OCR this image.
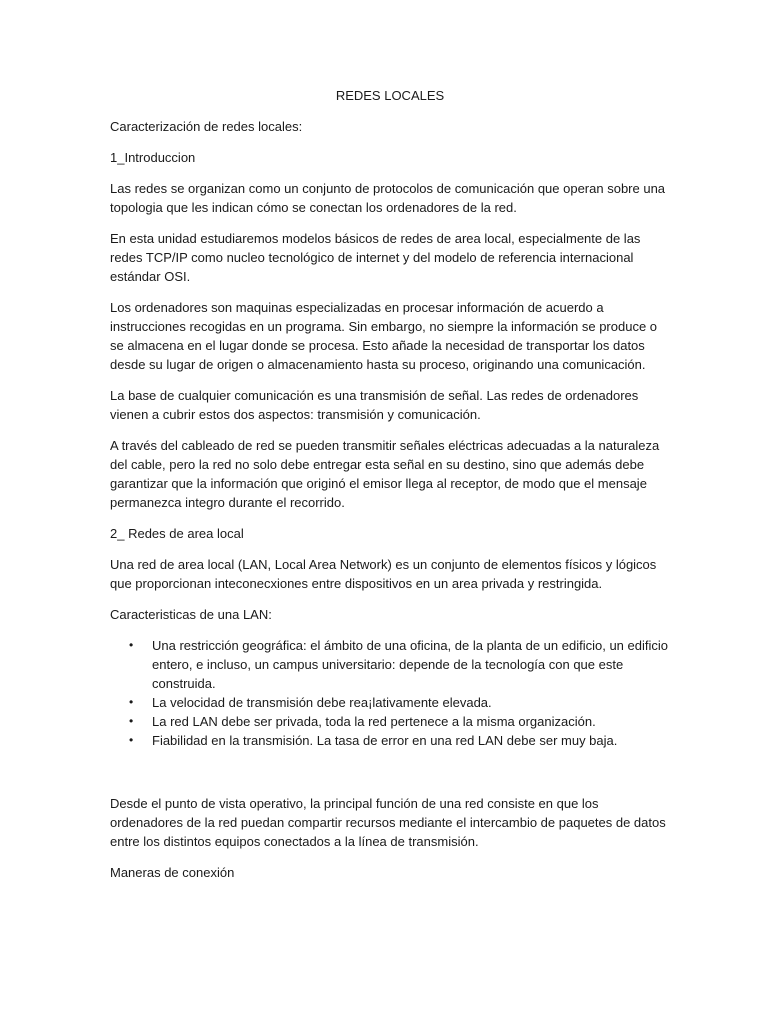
REDES LOCALES

Caracterización de redes locales:

1_Introduccion

Las redes se organizan como un conjunto de protocolos de comunicación que operan sobre una topologia que les indican cómo se conectan los ordenadores de la red.

En esta unidad estudiaremos modelos básicos de redes de area local, especialmente de las redes TCP/IP como nucleo tecnológico de internet y del modelo de referencia internacional estándar OSI.

Los ordenadores son maquinas especializadas en procesar información de acuerdo a instrucciones recogidas en un programa. Sin embargo, no siempre la información se produce o se almacena en el lugar donde se procesa. Esto añade la necesidad de transportar los datos desde su lugar de origen o almacenamiento hasta su proceso, originando una comunicación.

La base de cualquier comunicación es una transmisión de señal. Las redes de ordenadores vienen a cubrir estos dos aspectos: transmisión y comunicación.

A través del cableado de red se pueden transmitir señales eléctricas adecuadas a la naturaleza del cable, pero la red no solo debe entregar esta señal en su destino, sino que además debe garantizar que la información que originó el emisor llega al receptor, de modo que el mensaje permanezca integro durante el recorrido.

2_ Redes de area local

Una red de area local (LAN, Local Area Network) es un conjunto de elementos físicos y lógicos que proporcionan inteconecxiones entre dispositivos en un area privada y restringida.

Caracteristicas de una LAN:

• Una restricción geográfica: el ámbito de una oficina, de la planta de un edificio, un edificio entero, e incluso, un campus universitario: depende de la tecnología con que este construida.
• La velocidad de transmisión debe rea¡lativamente elevada.
• La red LAN debe ser privada, toda la red pertenece a la misma organización.
• Fiabilidad en la transmisión. La tasa de error en una red LAN debe ser muy baja.

Desde el punto de vista operativo, la principal función de una red consiste en que los ordenadores de la red puedan compartir recursos mediante el intercambio de paquetes de datos entre los distintos equipos conectados a la línea de transmisión.

Maneras de conexión
